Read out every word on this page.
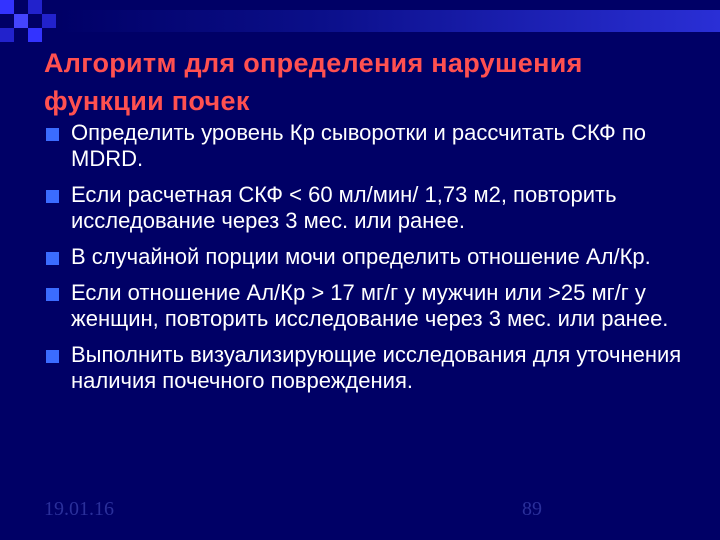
Алгоритм для определения нарушения функции почек
Определить уровень Кр сыворотки и рассчитать СКФ по MDRD.
Если расчетная СКФ < 60 мл/мин/ 1,73 м2, повторить исследование через 3 мес. или ранее.
В случайной порции мочи определить отношение Ал/Кр.
Если отношение Ал/Кр > 17 мг/г у мужчин или >25 мг/г у женщин, повторить исследование через 3 мес. или ранее.
Выполнить визуализирующие исследования для уточнения наличия почечного повреждения.
19.01.16	89
